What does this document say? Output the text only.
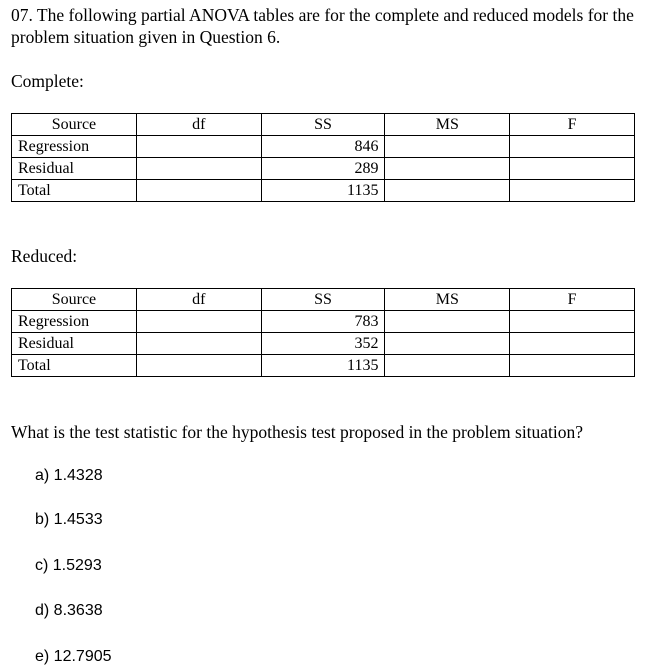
07. The following partial ANOVA tables are for the complete and reduced models for the problem situation given in Question 6.
Complete:
Source	df	SS	MS	F
Regression		846		
Residual		289		
Total		1135		
Reduced:
Source	df	SS	MS	F
Regression		783		
Residual		352		
Total		1135		
What is the test statistic for the hypothesis test proposed in the problem situation?
a) 1.4328
b) 1.4533
c) 1.5293
d) 8.3638
e) 12.7905
